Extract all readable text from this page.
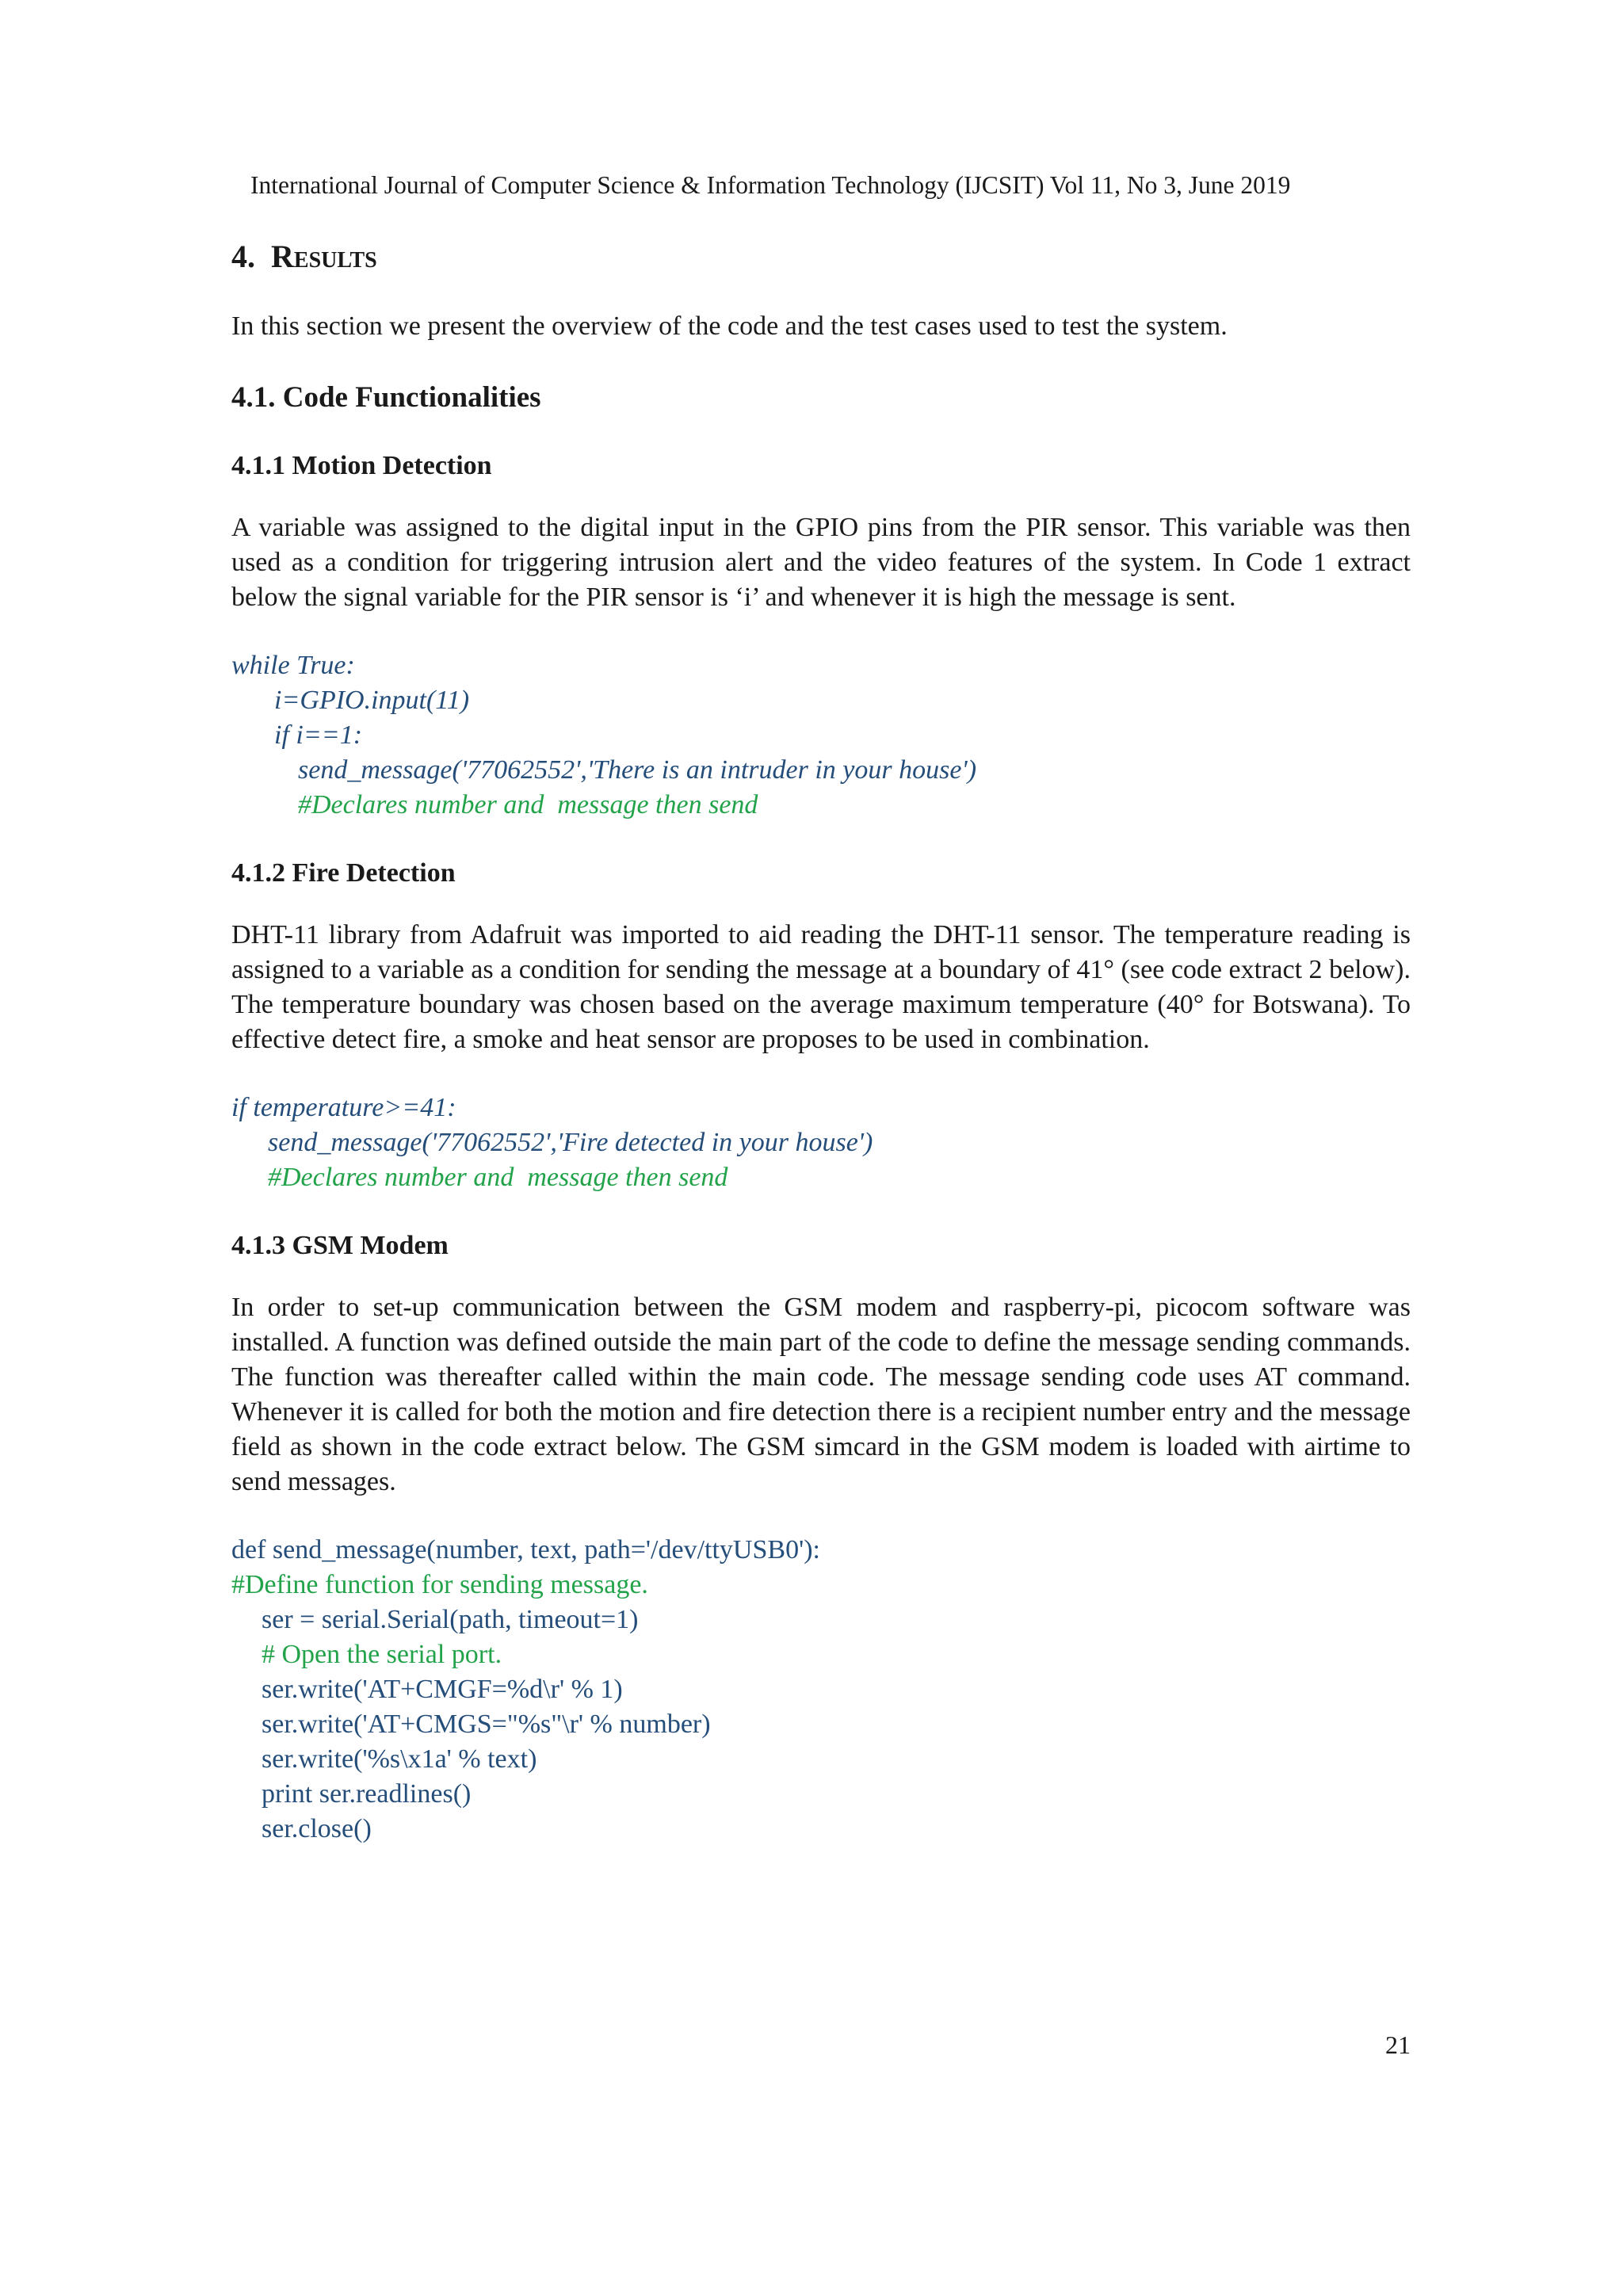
International Journal of Computer Science & Information Technology (IJCSIT) Vol 11, No 3, June 2019
4. Results

In this section we present the overview of the code and the test cases used to test the system.

4.1. Code Functionalities
4.1.1 Motion Detection

A variable was assigned to the digital input in the GPIO pins from the PIR sensor. This variable was then used as a condition for triggering intrusion alert and the video features of the system. In Code 1 extract below the signal variable for the PIR sensor is ‘i’ and whenever it is high the message is sent.

while True:
i=GPIO.input(11)
if i==1:
send_message('77062552','There is an intruder in your house')
#Declares number and  message then send
4.1.2 Fire Detection

DHT-11 library from Adafruit was imported to aid reading the DHT-11 sensor. The temperature reading is assigned to a variable as a condition for sending the message at a boundary of 41° (see code extract 2 below). The temperature boundary was chosen based on the average maximum temperature (40° for Botswana). To effective detect fire, a smoke and heat sensor are proposes to be used in combination.

if temperature>=41:
send_message('77062552','Fire detected in your house')
#Declares number and  message then send
4.1.3 GSM Modem

In order to set-up communication between the GSM modem and raspberry-pi, picocom software was installed. A function was defined outside the main part of the code to define the message sending commands. The function was thereafter called within the main code. The message sending code uses AT command. Whenever it is called for both the motion and fire detection there is a recipient number entry and the message field as shown in the code extract below. The GSM simcard in the GSM modem is loaded with airtime to send messages.

def send_message(number, text, path='/dev/ttyUSB0'):
#Define function for sending message.
ser = serial.Serial(path, timeout=1)
# Open the serial port.
ser.write('AT+CMGF=%d\r' % 1)
ser.write('AT+CMGS="%s"\r' % number)
ser.write('%s\x1a' % text)
print ser.readlines()
ser.close()
21
